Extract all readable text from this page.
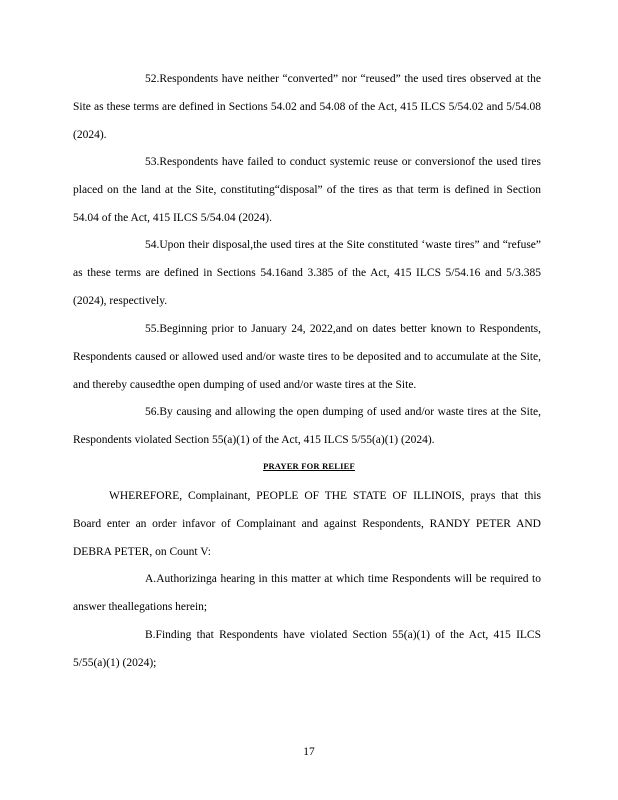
52.Respondents have neither “converted” nor “reused” the used tires observed at the Site as these terms are defined in Sections 54.02 and 54.08 of the Act, 415 ILCS 5/54.02 and 5/54.08 (2024).

53.Respondents have failed to conduct systemic reuse or conversionof the used tires placed on the land at the Site, constituting“disposal” of the tires as that term is defined in Section 54.04 of the Act, 415 ILCS 5/54.04 (2024).

54.Upon their disposal,the used tires at the Site constituted ‘waste tires” and “refuse” as these terms are defined in Sections 54.16and 3.385 of the Act, 415 ILCS 5/54.16 and 5/3.385 (2024), respectively.

55.Beginning prior to January 24, 2022,and on dates better known to Respondents, Respondents caused or allowed used and/or waste tires to be deposited and to accumulate at the Site, and thereby causedthe open dumping of used and/or waste tires at the Site.

56.By causing and allowing the open dumping of used and/or waste tires at the Site, Respondents violated Section 55(a)(1) of the Act, 415 ILCS 5/55(a)(1) (2024).

PRAYER FOR RELIEF

WHEREFORE, Complainant, PEOPLE OF THE STATE OF ILLINOIS, prays that this Board enter an order infavor of Complainant and against Respondents, RANDY PETER AND DEBRA PETER, on Count V:

A.Authorizinga hearing in this matter at which time Respondents will be required to answer theallegations herein;

B.Finding that Respondents have violated Section 55(a)(1) of the Act, 415 ILCS 5/55(a)(1) (2024);

17
